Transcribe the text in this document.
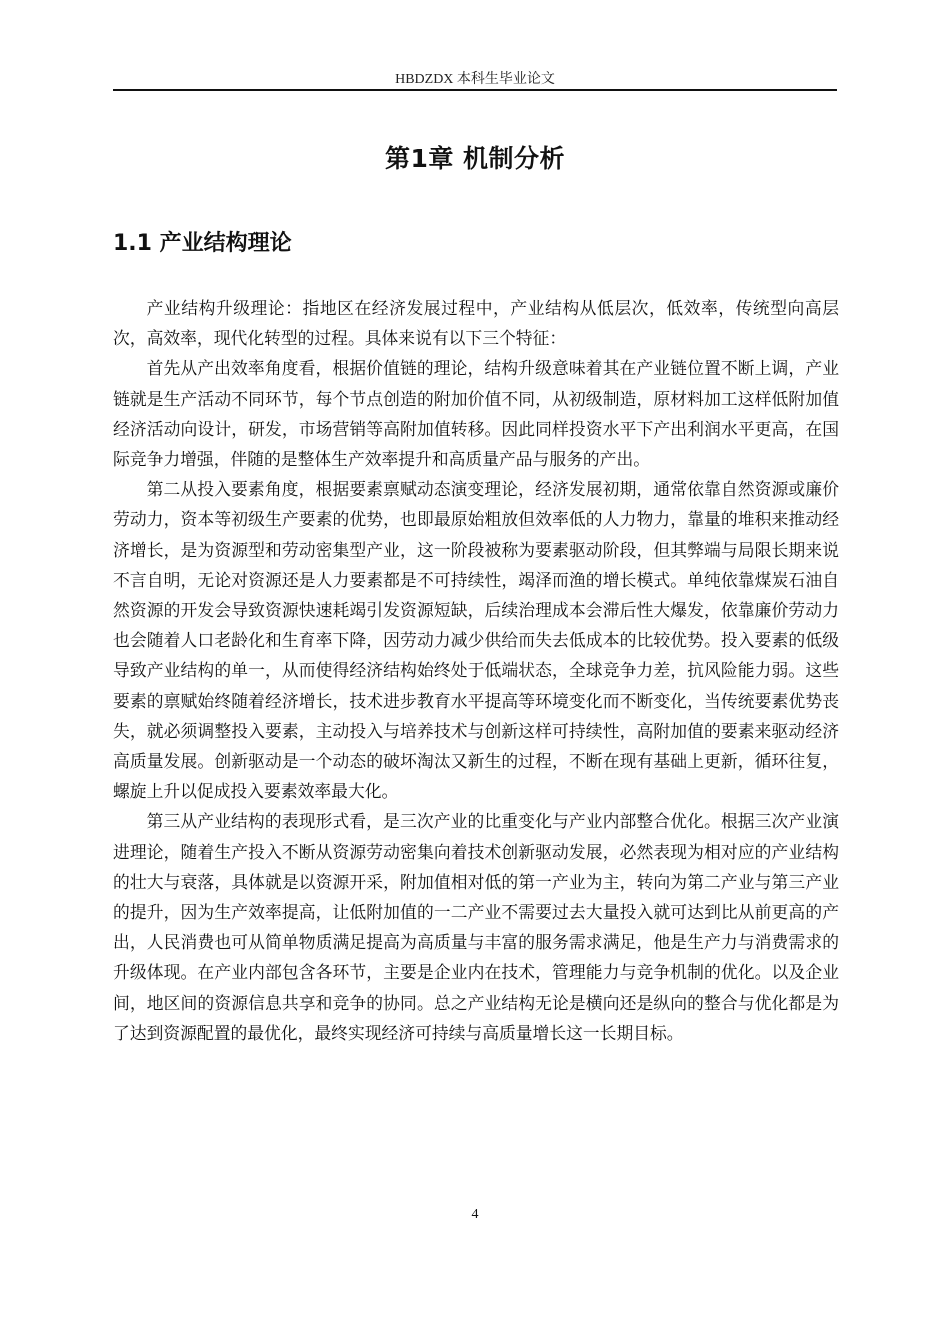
HBDZDX 本科生毕业论文
第1章 机制分析
1.1 产业结构理论

产业结构升级理论：指地区在经济发展过程中，产业结构从低层次，低效率，传统型向高层次，高效率，现代化转型的过程。具体来说有以下三个特征：

首先从产出效率角度看，根据价值链的理论，结构升级意味着其在产业链位置不断上调，产业链就是生产活动不同环节，每个节点创造的附加价值不同，从初级制造，原材料加工这样低附加值经济活动向设计，研发，市场营销等高附加值转移。因此同样投资水平下产出利润水平更高，在国际竞争力增强，伴随的是整体生产效率提升和高质量产品与服务的产出。

第二从投入要素角度，根据要素禀赋动态演变理论，经济发展初期，通常依靠自然资源或廉价劳动力，资本等初级生产要素的优势，也即最原始粗放但效率低的人力物力，靠量的堆积来推动经济增长，是为资源型和劳动密集型产业，这一阶段被称为要素驱动阶段，但其弊端与局限长期来说不言自明，无论对资源还是人力要素都是不可持续性，竭泽而渔的增长模式。单纯依靠煤炭石油自然资源的开发会导致资源快速耗竭引发资源短缺，后续治理成本会滞后性大爆发，依靠廉价劳动力也会随着人口老龄化和生育率下降，因劳动力减少供给而失去低成本的比较优势。投入要素的低级导致产业结构的单一，从而使得经济结构始终处于低端状态，全球竞争力差，抗风险能力弱。这些要素的禀赋始终随着经济增长，技术进步教育水平提高等环境变化而不断变化，当传统要素优势丧失，就必须调整投入要素，主动投入与培养技术与创新这样可持续性，高附加值的要素来驱动经济高质量发展。创新驱动是一个动态的破坏淘汰又新生的过程，不断在现有基础上更新，循环往复，螺旋上升以促成投入要素效率最大化。

第三从产业结构的表现形式看，是三次产业的比重变化与产业内部整合优化。根据三次产业演进理论，随着生产投入不断从资源劳动密集向着技术创新驱动发展，必然表现为相对应的产业结构的壮大与衰落，具体就是以资源开采，附加值相对低的第一产业为主，转向为第二产业与第三产业的提升，因为生产效率提高，让低附加值的一二产业不需要过去大量投入就可达到比从前更高的产出，人民消费也可从简单物质满足提高为高质量与丰富的服务需求满足，他是生产力与消费需求的升级体现。在产业内部包含各环节，主要是企业内在技术，管理能力与竞争机制的优化。以及企业间，地区间的资源信息共享和竞争的协同。总之产业结构无论是横向还是纵向的整合与优化都是为了达到资源配置的最优化，最终实现经济可持续与高质量增长这一长期目标。

4
